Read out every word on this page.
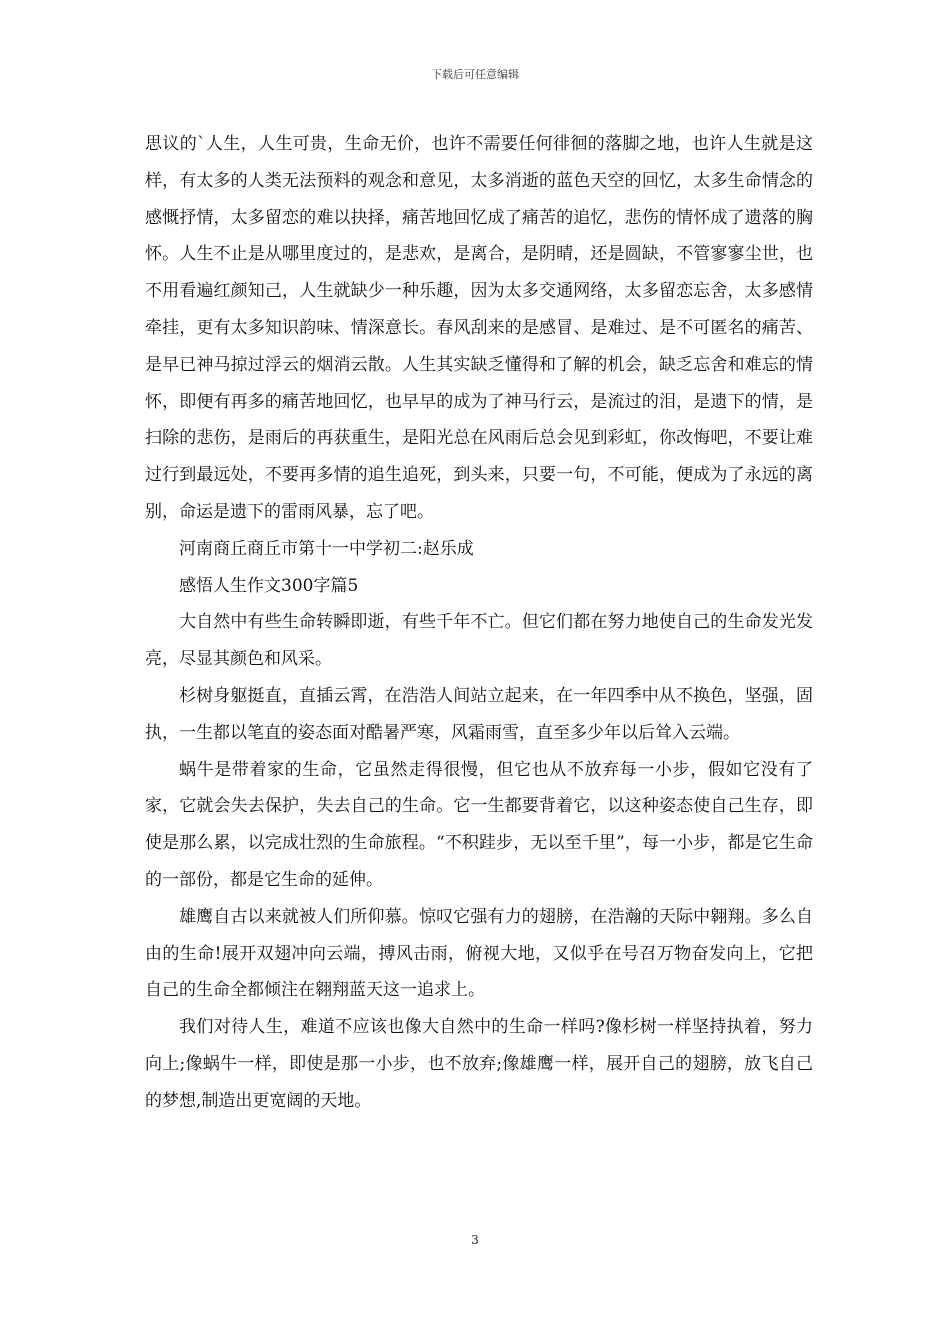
下载后可任意编辑

思议的`人生，人生可贵，生命无价，也许不需要任何徘徊的落脚之地，也许人生就是这样，有太多的人类无法预料的观念和意见，太多消逝的蓝色天空的回忆，太多生命情念的感慨抒情，太多留恋的难以抉择，痛苦地回忆成了痛苦的追忆，悲伤的情怀成了遗落的胸怀。人生不止是从哪里度过的，是悲欢，是离合，是阴晴，还是圆缺，不管寥寥尘世，也不用看遍红颜知己，人生就缺少一种乐趣，因为太多交通网络，太多留恋忘舍，太多感情牵挂，更有太多知识韵味、情深意长。春风刮来的是感冒、是难过、是不可匿名的痛苦、是早已神马掠过浮云的烟消云散。人生其实缺乏懂得和了解的机会，缺乏忘舍和难忘的情怀，即便有再多的痛苦地回忆，也早早的成为了神马行云，是流过的泪，是遗下的情，是扫除的悲伤，是雨后的再获重生，是阳光总在风雨后总会见到彩虹，你改悔吧，不要让难过行到最远处，不要再多情的追生追死，到头来，只要一句，不可能，便成为了永远的离别，命运是遗下的雷雨风暴，忘了吧。

河南商丘商丘市第十一中学初二:赵乐成

感悟人生作文300字篇5

大自然中有些生命转瞬即逝，有些千年不亡。但它们都在努力地使自己的生命发光发亮，尽显其颜色和风采。

杉树身躯挺直，直插云霄，在浩浩人间站立起来，在一年四季中从不换色，坚强，固执，一生都以笔直的姿态面对酷暑严寒，风霜雨雪，直至多少年以后耸入云端。

蜗牛是带着家的生命，它虽然走得很慢，但它也从不放弃每一小步，假如它没有了家，它就会失去保护，失去自己的生命。它一生都要背着它，以这种姿态使自己生存，即使是那么累，以完成壮烈的生命旅程。“不积跬步，无以至千里”，每一小步，都是它生命的一部份，都是它生命的延伸。

雄鹰自古以来就被人们所仰慕。惊叹它强有力的翅膀，在浩瀚的天际中翱翔。多么自由的生命!展开双翅冲向云端，搏风击雨，俯视大地，又似乎在号召万物奋发向上，它把自己的生命全都倾注在翱翔蓝天这一追求上。

我们对待人生，难道不应该也像大自然中的生命一样吗?像杉树一样坚持执着，努力向上;像蜗牛一样，即使是那一小步，也不放弃;像雄鹰一样，展开自己的翅膀，放飞自己的梦想,制造出更宽阔的天地。

3
